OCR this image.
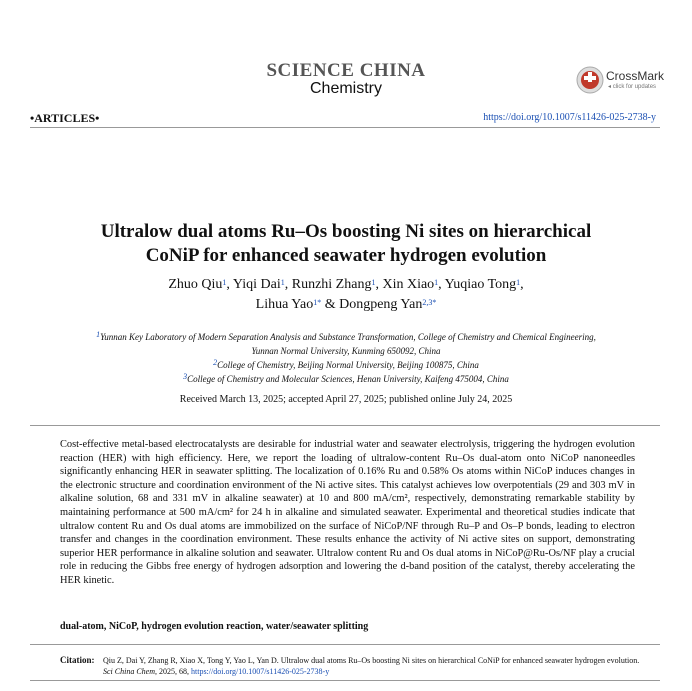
SCIENCE CHINA
Chemistry
CrossMark
◂ click for updates
•ARTICLES•	https://doi.org/10.1007/s11426-025-2738-y
Ultralow dual atoms Ru–Os boosting Ni sites on hierarchical
CoNiP for enhanced seawater hydrogen evolution
Zhuo Qiu$^1$, Yiqi Dai$^1$, Runzhi Zhang$^1$, Xin Xiao$^1$, Yuqiao Tong$^1$,
Lihua Yao$^{1*}$ & Dongpeng Yan$^{2,3*}$
$^1$Yunnan Key Laboratory of Modern Separation Analysis and Substance Transformation, College of Chemistry and Chemical Engineering,
Yunnan Normal University, Kunming 650092, China
$^2$College of Chemistry, Beijing Normal University, Beijing 100875, China
$^3$College of Chemistry and Molecular Sciences, Henan University, Kaifeng 475004, China
Received March 13, 2025; accepted April 27, 2025; published online July 24, 2025
Cost-effective metal-based electrocatalysts are desirable for industrial water and seawater electrolysis, triggering the hydrogen evolution reaction (HER) with high efficiency. Here, we report the loading of ultralow-content Ru–Os dual-atom onto NiCoP nanoneedles significantly enhancing HER in seawater splitting. The localization of 0.16% Ru and 0.58% Os atoms within NiCoP induces changes in the electronic structure and coordination environment of the Ni active sites. This catalyst achieves low overpotentials (29 and 303 mV in alkaline solution, 68 and 331 mV in alkaline seawater) at 10 and 800 mA/cm², respectively, demonstrating remarkable stability by maintaining performance at 500 mA/cm² for 24 h in alkaline and simulated seawater. Experimental and theoretical studies indicate that ultralow content Ru and Os dual atoms are immobilized on the surface of NiCoP/NF through Ru–P and Os–P bonds, leading to electron transfer and changes in the coordination environment. These results enhance the activity of Ni active sites on support, demonstrating superior HER performance in alkaline solution and seawater. Ultralow content Ru and Os dual atoms in NiCoP@Ru-Os/NF play a crucial role in reducing the Gibbs free energy of hydrogen adsorption and lowering the d-band position of the catalyst, thereby accelerating the HER kinetic.
dual-atom, NiCoP, hydrogen evolution reaction, water/seawater splitting
Citation: Qiu Z, Dai Y, Zhang R, Xiao X, Tong Y, Yao L, Yan D. Ultralow dual atoms Ru–Os boosting Ni sites on hierarchical CoNiP for enhanced seawater hydrogen evolution. Sci China Chem, 2025, 68, https://doi.org/10.1007/s11426-025-2738-y
